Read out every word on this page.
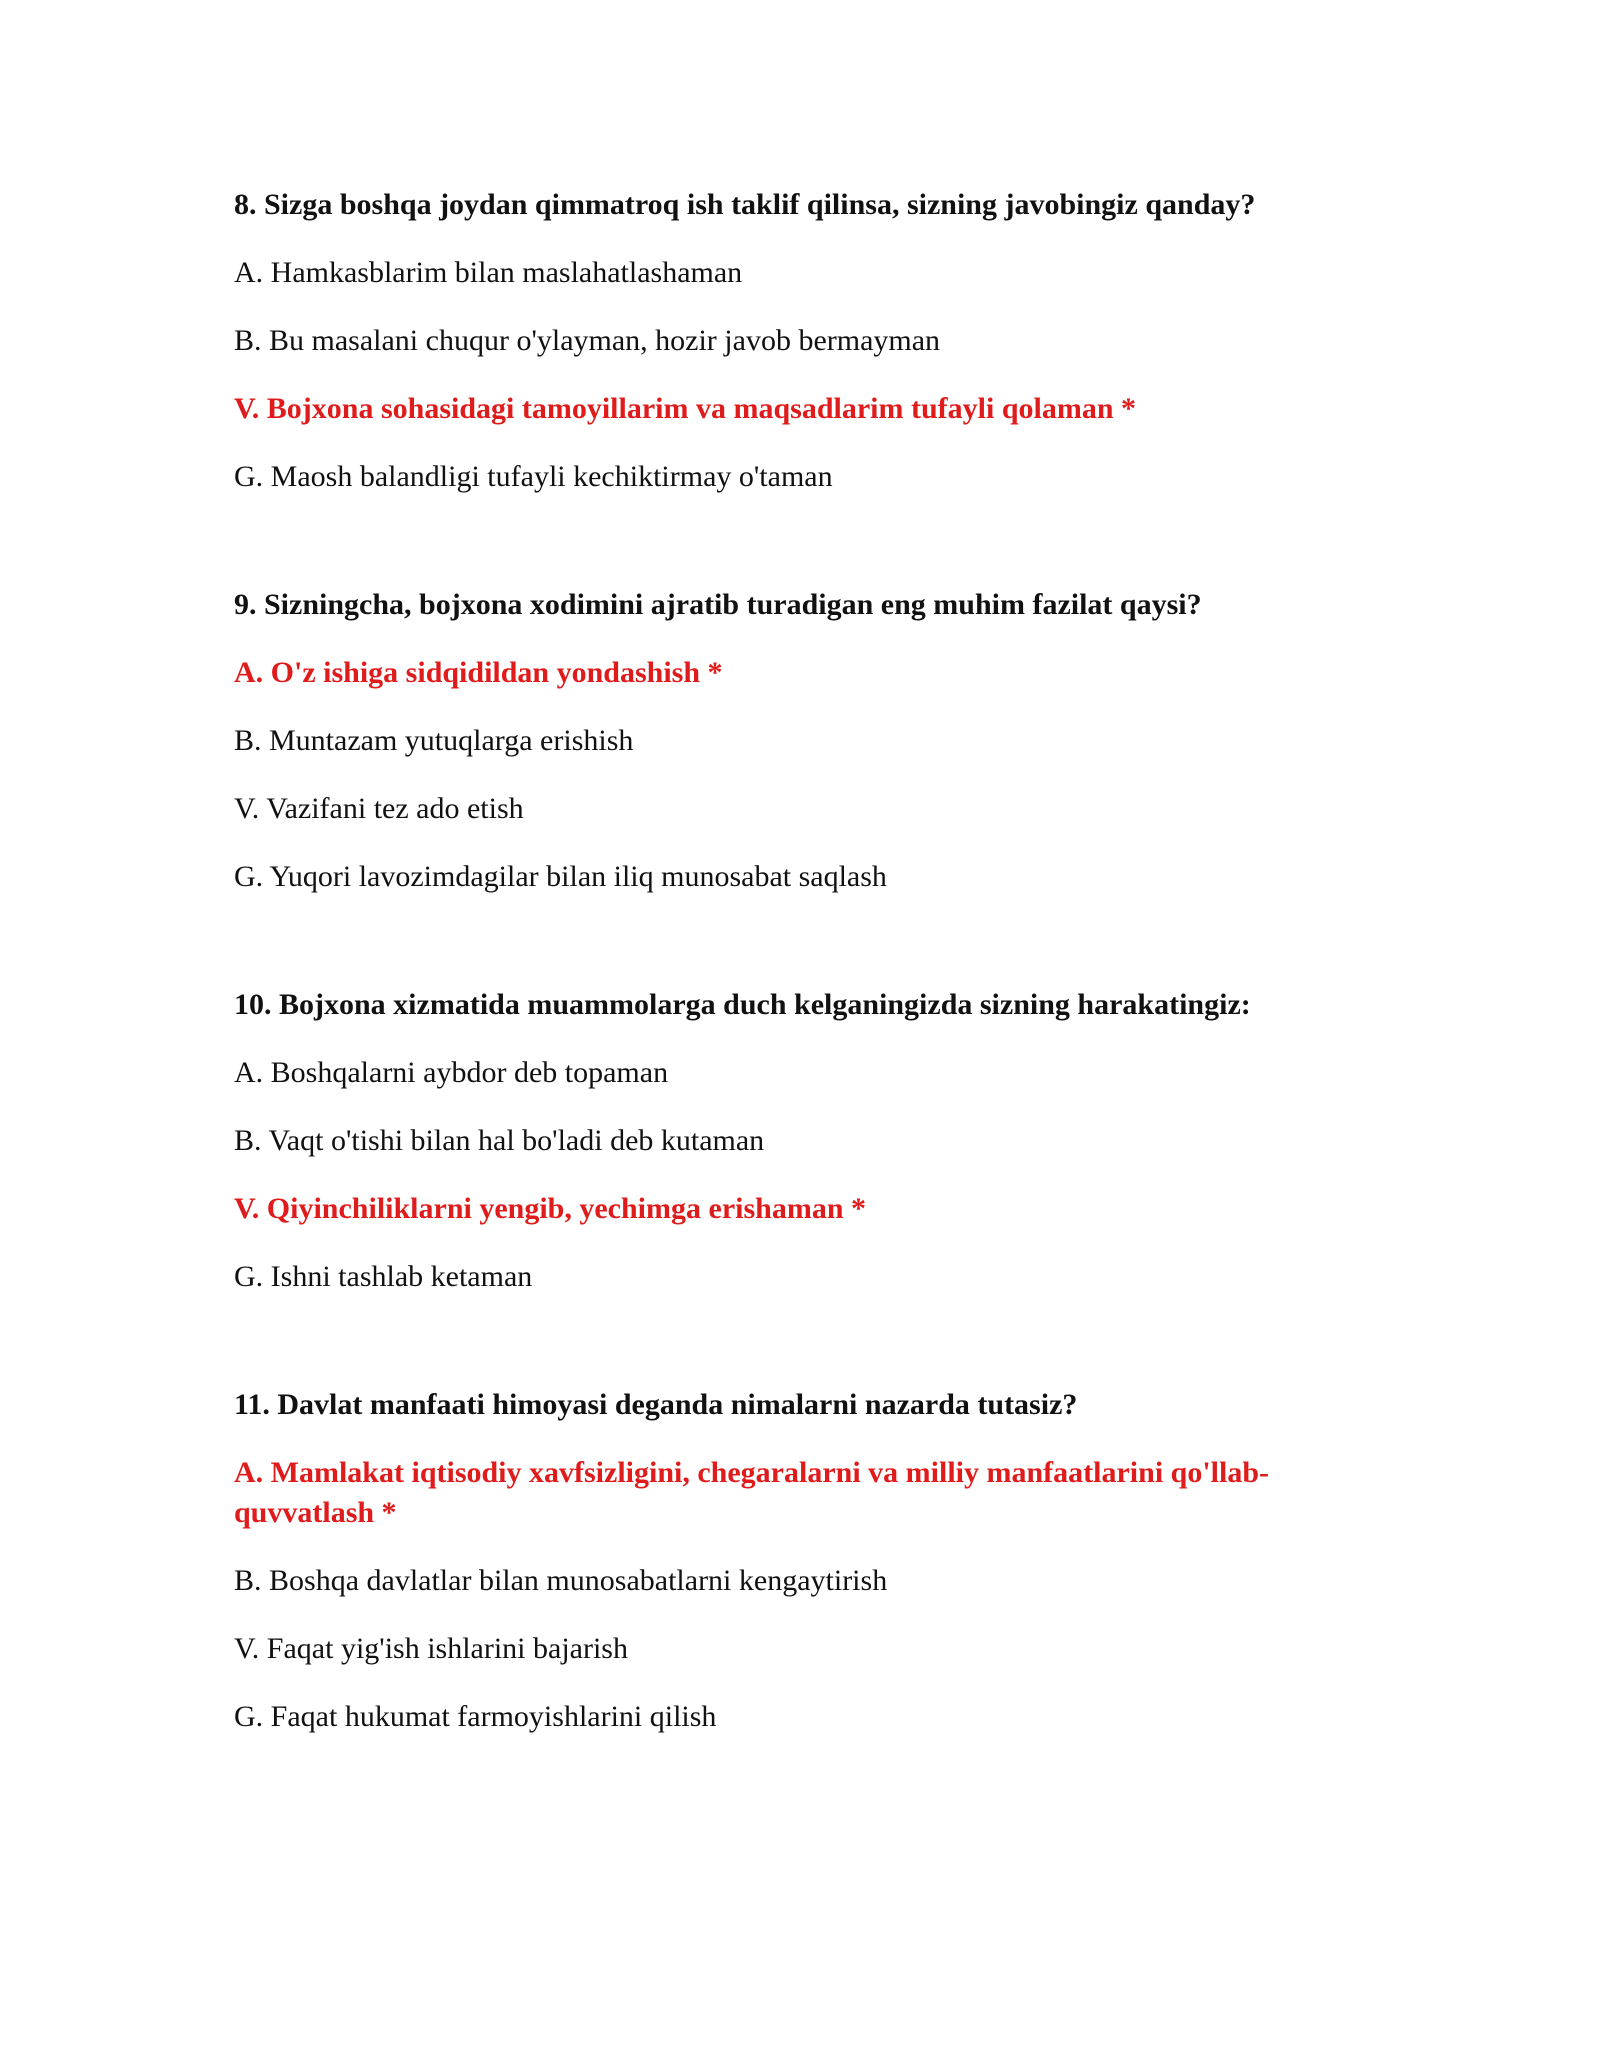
8. Sizga boshqa joydan qimmatroq ish taklif qilinsa, sizning javobingiz qanday?

A. Hamkasblarim bilan maslahatlashaman

B. Bu masalani chuqur o'ylayman, hozir javob bermayman

V. Bojxona sohasidagi tamoyillarim va maqsadlarim tufayli qolaman *

G. Maosh balandligi tufayli kechiktirmay o'taman

9. Sizningcha, bojxona xodimini ajratib turadigan eng muhim fazilat qaysi?

A. O'z ishiga sidqidildan yondashish *

B. Muntazam yutuqlarga erishish

V. Vazifani tez ado etish

G. Yuqori lavozimdagilar bilan iliq munosabat saqlash

10. Bojxona xizmatida muammolarga duch kelganingizda sizning harakatingiz:

A. Boshqalarni aybdor deb topaman

B. Vaqt o'tishi bilan hal bo'ladi deb kutaman

V. Qiyinchiliklarni yengib, yechimga erishaman *

G. Ishni tashlab ketaman

11. Davlat manfaati himoyasi deganda nimalarni nazarda tutasiz?

A. Mamlakat iqtisodiy xavfsizligini, chegaralarni va milliy manfaatlarini qo'llab-quvvatlash *

B. Boshqa davlatlar bilan munosabatlarni kengaytirish

V. Faqat yig'ish ishlarini bajarish

G. Faqat hukumat farmoyishlarini qilish
